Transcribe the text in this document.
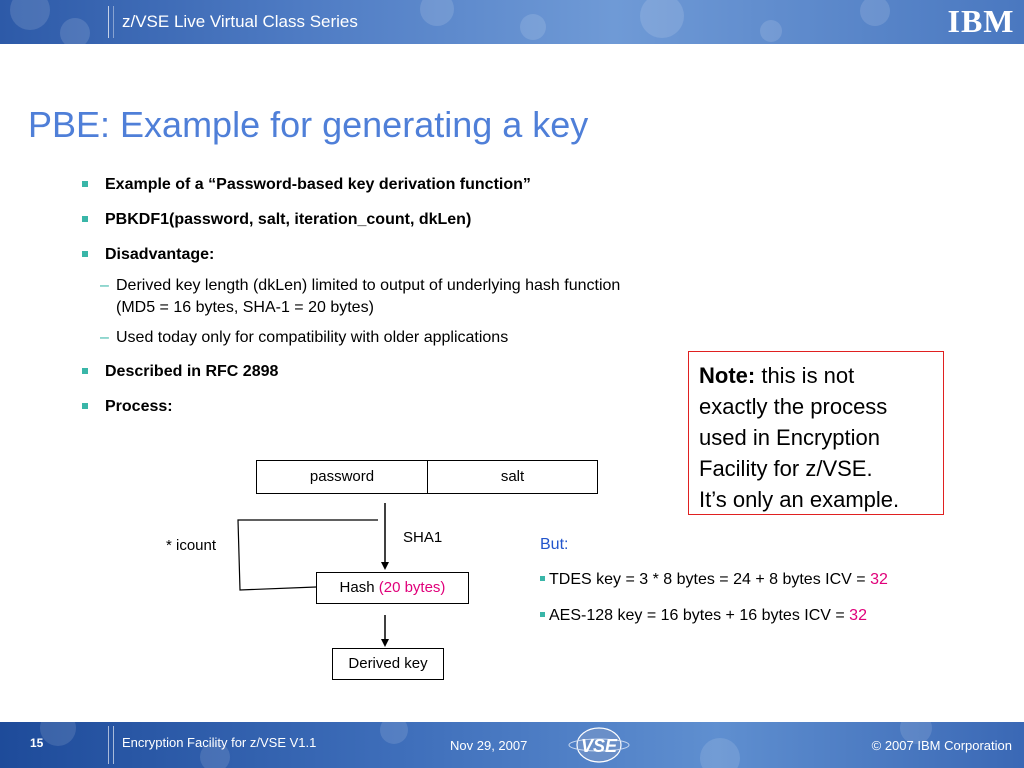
z/VSE Live Virtual Class Series	IBM
PBE: Example for generating a key
Example of a “Password-based key derivation function”
PBKDF1(password, salt, iteration_count, dkLen)
Disadvantage:
– Derived key length (dkLen) limited to output of underlying hash function
(MD5 = 16 bytes, SHA-1 = 20 bytes)
– Used today only for compatibility with older applications
Described in RFC 2898
Process:
Note: this is not
exactly the process
used in Encryption
Facility for z/VSE.
It’s only an example.
password	salt
SHA1
* icount
Hash (20 bytes)
Derived key
But:
TDES key = 3 * 8 bytes = 24 + 8 bytes ICV = 32
AES-128 key = 16 bytes + 16 bytes ICV = 32
15	Encryption Facility for z/VSE V1.1	Nov 29, 2007	VSE	© 2007 IBM Corporation
